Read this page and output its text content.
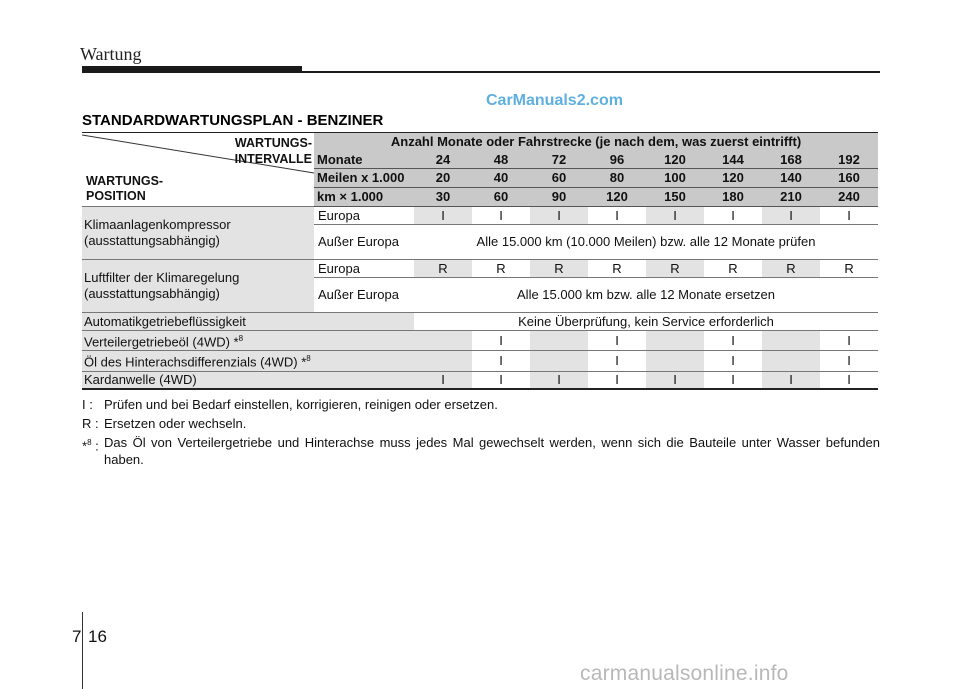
Wartung
CarManuals2.com
STANDARDWARTUNGSPLAN - BENZINER
WARTUNGS-
INTERVALLE
WARTUNGS-
POSITION	Anzahl Monate oder Fahrstrecke (je nach dem, was zuerst eintrifft)								
	Monate	24	48	72	96	120	144	168	192
	Meilen x 1.000	20	40	60	80	100	120	140	160
	km × 1.000	30	60	90	120	150	180	210	240

Klimaanlagenkompressor
(ausstattungsabhängig)	Europa	I	I	I	I	I	I	I	I
	Außer Europa	Alle 15.000 km (10.000 Meilen) bzw. alle 12 Monate prüfen							

Luftfilter der Klimaregelung
(ausstattungsabhängig)	Europa	R	R	R	R	R	R	R	R
	Außer Europa	Alle 15.000 km bzw. alle 12 Monate ersetzen							
Automatikgetriebeflüssigkeit		Keine Überprüfung, kein Service erforderlich							
Verteilergetriebeöl (4WD) *$^8$			I		I		I		I
Öl des Hinterachsdifferenzials (4WD) *$^8$			I		I		I		I
Kardanwelle (4WD)		I	I	I	I	I	I	I	I
I : Prüfen und bei Bedarf einstellen, korrigieren, reinigen oder ersetzen.
R : Ersetzen oder wechseln.
*$^8$ : Das Öl von Verteilergetriebe und Hinterachse muss jedes Mal gewechselt werden, wenn sich die Bauteile unter Wasser befunden haben.
7 16
carmanualsonline.info
